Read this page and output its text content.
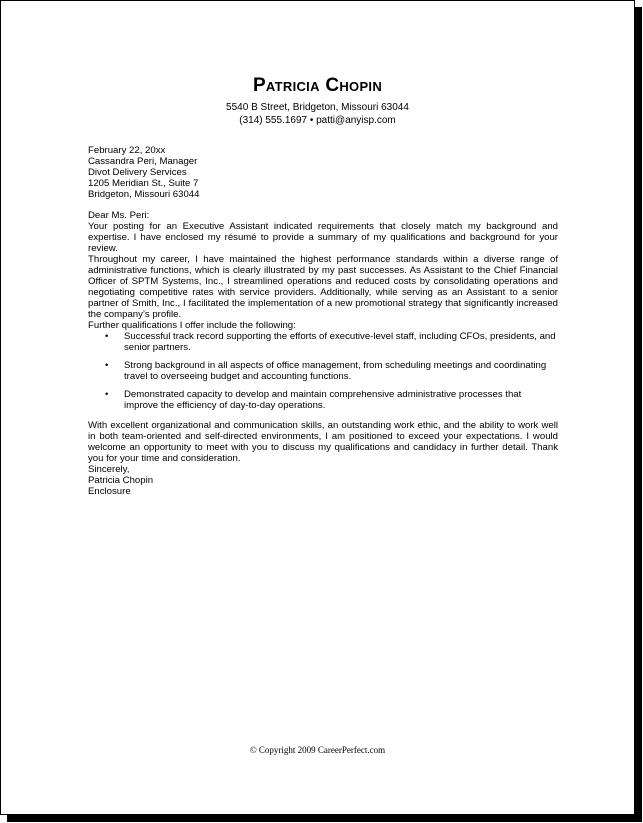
Patricia Chopin
5540 B Street, Bridgeton, Missouri 63044
(314) 555.1697 • patti@anyisp.com

February 22, 20xx

Cassandra Peri, Manager

Divot Delivery Services

1205 Meridian St., Suite 7

Bridgeton, Missouri 63044

Dear Ms. Peri:

Your posting for an Executive Assistant indicated requirements that closely match my background and expertise. I have enclosed my résumé to provide a summary of my qualifications and background for your review.

Throughout my career, I have maintained the highest performance standards within a diverse range of administrative functions, which is clearly illustrated by my past successes. As Assistant to the Chief Financial Officer of SPTM Systems, Inc., I streamlined operations and reduced costs by consolidating operations and negotiating competitive rates with service providers. Additionally, while serving as an Assistant to a senior partner of Smith, Inc., I facilitated the implementation of a new promotional strategy that significantly increased the company’s profile.

Further qualifications I offer include the following:

• Successful track record supporting the efforts of executive-level staff, including CFOs, presidents, and senior partners.
• Strong background in all aspects of office management, from scheduling meetings and coordinating travel to overseeing budget and accounting functions.
• Demonstrated capacity to develop and maintain comprehensive administrative processes that improve the efficiency of day-to-day operations.

With excellent organizational and communication skills, an outstanding work ethic, and the ability to work well in both team-oriented and self-directed environments, I am positioned to exceed your expectations. I would welcome an opportunity to meet with you to discuss my qualifications and candidacy in further detail. Thank you for your time and consideration.

Sincerely,

Patricia Chopin

Enclosure

© Copyright 2009 CareerPerfect.com
